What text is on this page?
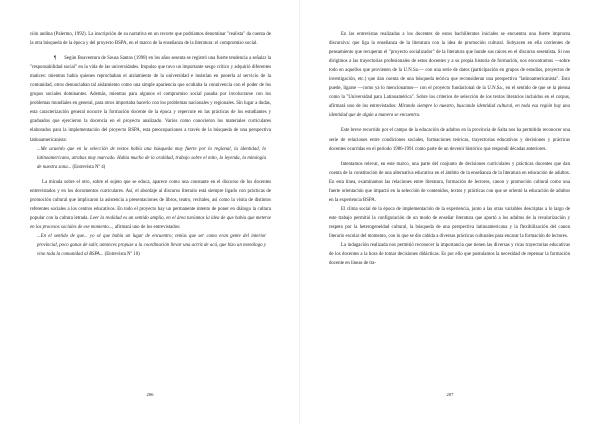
ción andina (Palermo, 1992). La inscripción de su narrativa en un recorte que podríamos denominar "realista" da cuenta de la otra búsqueda de la época y del proyecto BSPA, en el marco de la enseñanza de la literatura: el compromiso social.

¶ Según Boaventura de Sousa Santos (1998) en los años sesenta se registró una fuerte tendencia a señalar la "responsabilidad social" en la vida de las universidades. Impulso que tuvo un importante sesgo crítico y adquirió diferentes matices: mientras había quienes reprochaban el aislamiento de la universidad e insistían en ponerla al servicio de la comunidad, otros denunciaban tal aislamiento como una simple apariencia que ocultaba la connivencia con el poder de los grupos sociales dominantes. Además, mientras para algunos el compromiso social pasaba por involucrarse con los problemas mundiales en general, para otros importaba hacerlo con los problemas nacionales y regionales. Sin lugar a dudas, esta caracterización general nocurre la formación docente de la época y repercute en las prácticas de los estudiantes y graduados que ejercieron la docencia en el proyecto analizado. Varios como conocieron los materiales curriculares elaborados para la implementación del proyecto BSPA, esta preocupaciones a través de la búsqueda de una perspectiva latinoamericanista:

...Me acuerdo que en la selección de textos había una búsqueda muy fuerte por lo regional, la identidad, lo latinoamericano, atrabas muy marcado. Había mucho de la oralidad, trabajo sobre el mito, la leyenda, la mitología de nuestra zona... (Entrevista Nº 4)

La mirada sobre el otro, sobre el sujeto que se educa, aparece como una constante en el discurso de los docentes entrevistados y en los documentos curriculares. Así, el abordaje al discurso literario está siempre ligado con prácticas de promoción cultural que implicaron la asistencia a presentaciones de libros, teatro, recitales, así como la visita de distintos referentes sociales a los centros educativos. En todo el proyecto hay un permanente intento de poner en diálogo la cultura popular con la cultura letrada. Leer la realidad es un sentido amplio, en el área tuvíamos la idea de que había que meterse en los procesos sociales de ese momento..., afirmará uno de los entrevistados:

...En el sentido de que... yo sé que había un lugar de encuentro; tenías que ser como eran gente del interior provincial, poco ganas de salir, antonces propuse a la coordinación llevar una actriz de acá, que hizo un monólogo y vino toda la comunidad al BSPA... (Entrevista Nº 10)

206

En las entrevistas realizadas a los docentes de estos bachilleratos iniciales se encuentra una fuerte impronta discursiva: que liga la enseñanza de la literatura con la idea de promoción cultural. Subyacen en ella corrientes de pensamiento que recuperan el "proyecto socializador" de la literatura que hunde sus raíces en el discurso sesentista. Si nos dirigimos a las trayectorias profesionales de estos docentes y a su propia historia de formación, nos encontramos —sobre todo en aquellos que provienen de la U.N.Sa.— con una serie de datos (participación en grupos de estudios, proyectos de investigación, etc.) que dan cuenta de una búsqueda teórica que reconsideran una perspectiva "latinoamericanista". Esto puede, ligarse —como ya lo mencionamos— con el proyecto fundacional de la U.N.Sa., en el sentido de que se la piensa como la "Universidad para Latinoamérica". Sobre los criterios de selección de los textos literarios incluidos en el corpus, afirmará uno de los entrevistados: Mirando siempre lo nuestro, buscando identidad cultural, en toda esa región hay una identidad que de algún a manera se encuentra.

Este breve recorrido por el campo de la educación de adultos en la provincia de Salta nos ha permitido reconocer una serie de relaciones entre condiciones sociales, formaciones teóricas, trayectorias educativas y decisiones y prácticas docentes ocurridas en el periodo 1986-1991 como parte de un devenir histórico que respondí décadas anteriores.

Intentamos relevar, en este marco, una parte del conjunto de decisiones curriculares y prácticas docentes que dan cuenta de la constitución de una alternativa educativa en el ámbito de la enseñanza de la literatura en educación de adultos. En esta línea, examinamos las relaciones entre literatura, formación de lectores, canon y promoción cultural como una fuerte orientación que impactó en la selección de contenidos, textos y prácticas con que se orientó la educación de adultos en la experiencia BSPA.

El clima social de la época de implementación de la experiencia, junto a las otras variables descriptas a lo largo de este trabajo permitió la configuración de un modo de enseñar literatura que aportó a los adultos de la revalorización y respeto por la heterogeneidad cultural, la búsqueda de una perspectiva latinoamericana y la flexibilización del canon literario escolar del momento, con lo que se dio cabida a diversas prácticas culturales para encarar la formación de lectores.

La indagación realizada nos permitió reconocer la importancia que tienen las diversas y ricas trayectorias educativas de los docentes a la hora de tomar decisiones didácticas. Es por ello que postulamos la necesidad de repensar la formación docente en líneas de tra-

207
